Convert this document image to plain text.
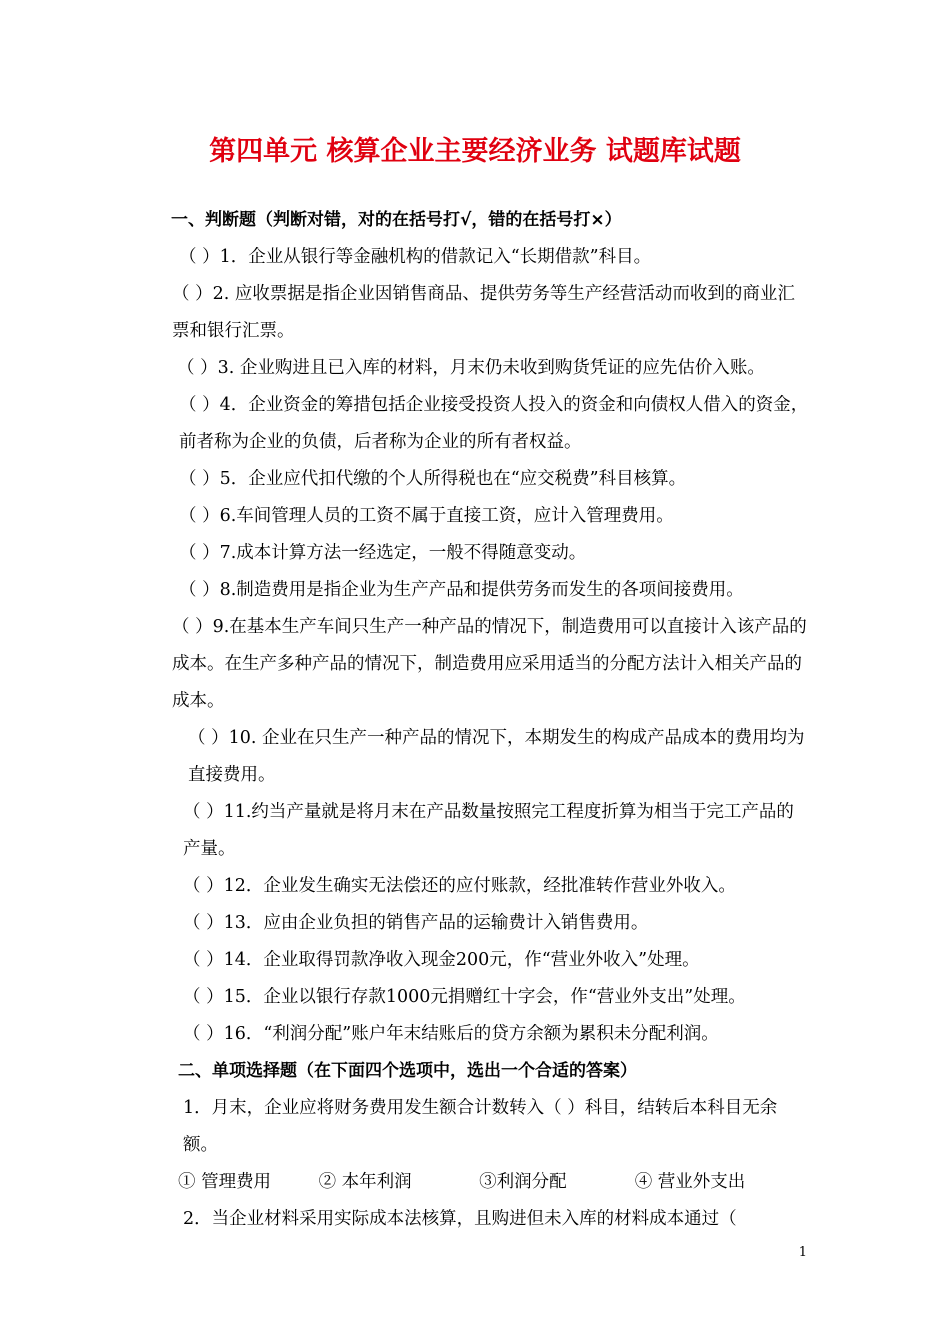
第四单元 核算企业主要经济业务 试题库试题
一、判断题（判断对错，对的在括号打√，错的在括号打×）
（ ）1．企业从银行等金融机构的借款记入“长期借款”科目。
（ ）2. 应收票据是指企业因销售商品、提供劳务等生产经营活动而收到的商业汇票和银行汇票。
（ ）3. 企业购进且已入库的材料，月末仍未收到购货凭证的应先估价入账。
（ ）4．企业资金的筹措包括企业接受投资人投入的资金和向债权人借入的资金，前者称为企业的负债，后者称为企业的所有者权益。
（ ）5．企业应代扣代缴的个人所得税也在“应交税费”科目核算。
（ ）6.车间管理人员的工资不属于直接工资，应计入管理费用。
（ ）7.成本计算方法一经选定，一般不得随意变动。
（ ）8.制造费用是指企业为生产产品和提供劳务而发生的各项间接费用。
（ ）9.在基本生产车间只生产一种产品的情况下，制造费用可以直接计入该产品的成本。在生产多种产品的情况下，制造费用应采用适当的分配方法计入相关产品的成本。
（ ）10. 企业在只生产一种产品的情况下，本期发生的构成产品成本的费用均为直接费用。
（ ）11.约当产量就是将月末在产品数量按照完工程度折算为相当于完工产品的产量。
（ ）12．企业发生确实无法偿还的应付账款，经批准转作营业外收入。
（ ）13．应由企业负担的销售产品的运输费计入销售费用。
（ ）14．企业取得罚款净收入现金200元，作“营业外收入”处理。
（ ）15．企业以银行存款1000元捐赠红十字会，作“营业外支出”处理。
（ ）16．“利润分配”账户年末结账后的贷方余额为累积未分配利润。
二、单项选择题（在下面四个选项中，选出一个合适的答案）
1．月末，企业应将财务费用发生额合计数转入（ ）科目，结转后本科目无余额。
① 管理费用	② 本年利润	③利润分配	④ 营业外支出
2．当企业材料采用实际成本法核算，且购进但未入库的材料成本通过（
1
